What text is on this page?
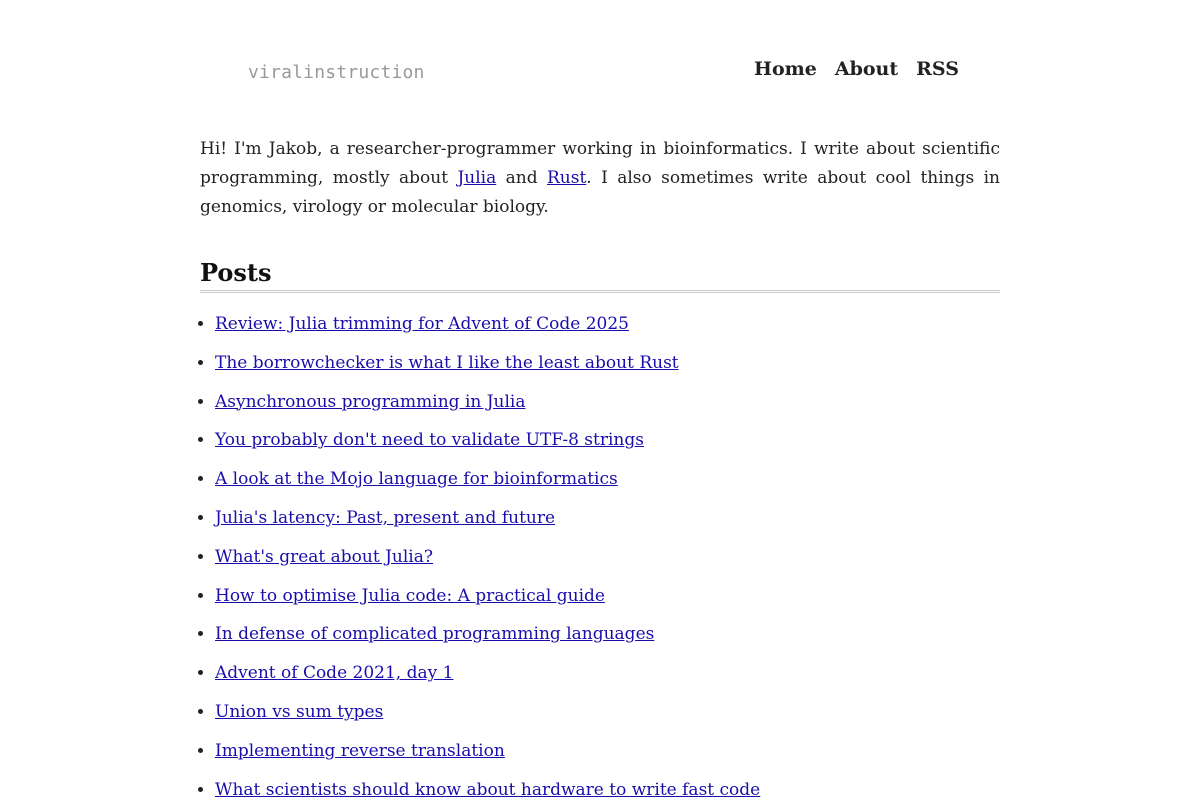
viralinstruction	Home About RSS

Hi! I'm Jakob, a researcher-programmer working in bioinformatics. I write about scientific programming, mostly about Julia and Rust. I also sometimes write about cool things in genomics, virology or molecular biology.

Posts
• Review: Julia trimming for Advent of Code 2025
• The borrowchecker is what I like the least about Rust
• Asynchronous programming in Julia
• You probably don't need to validate UTF-8 strings
• A look at the Mojo language for bioinformatics
• Julia's latency: Past, present and future
• What's great about Julia?
• How to optimise Julia code: A practical guide
• In defense of complicated programming languages
• Advent of Code 2021, day 1
• Union vs sum types
• Implementing reverse translation
• What scientists should know about hardware to write fast code
